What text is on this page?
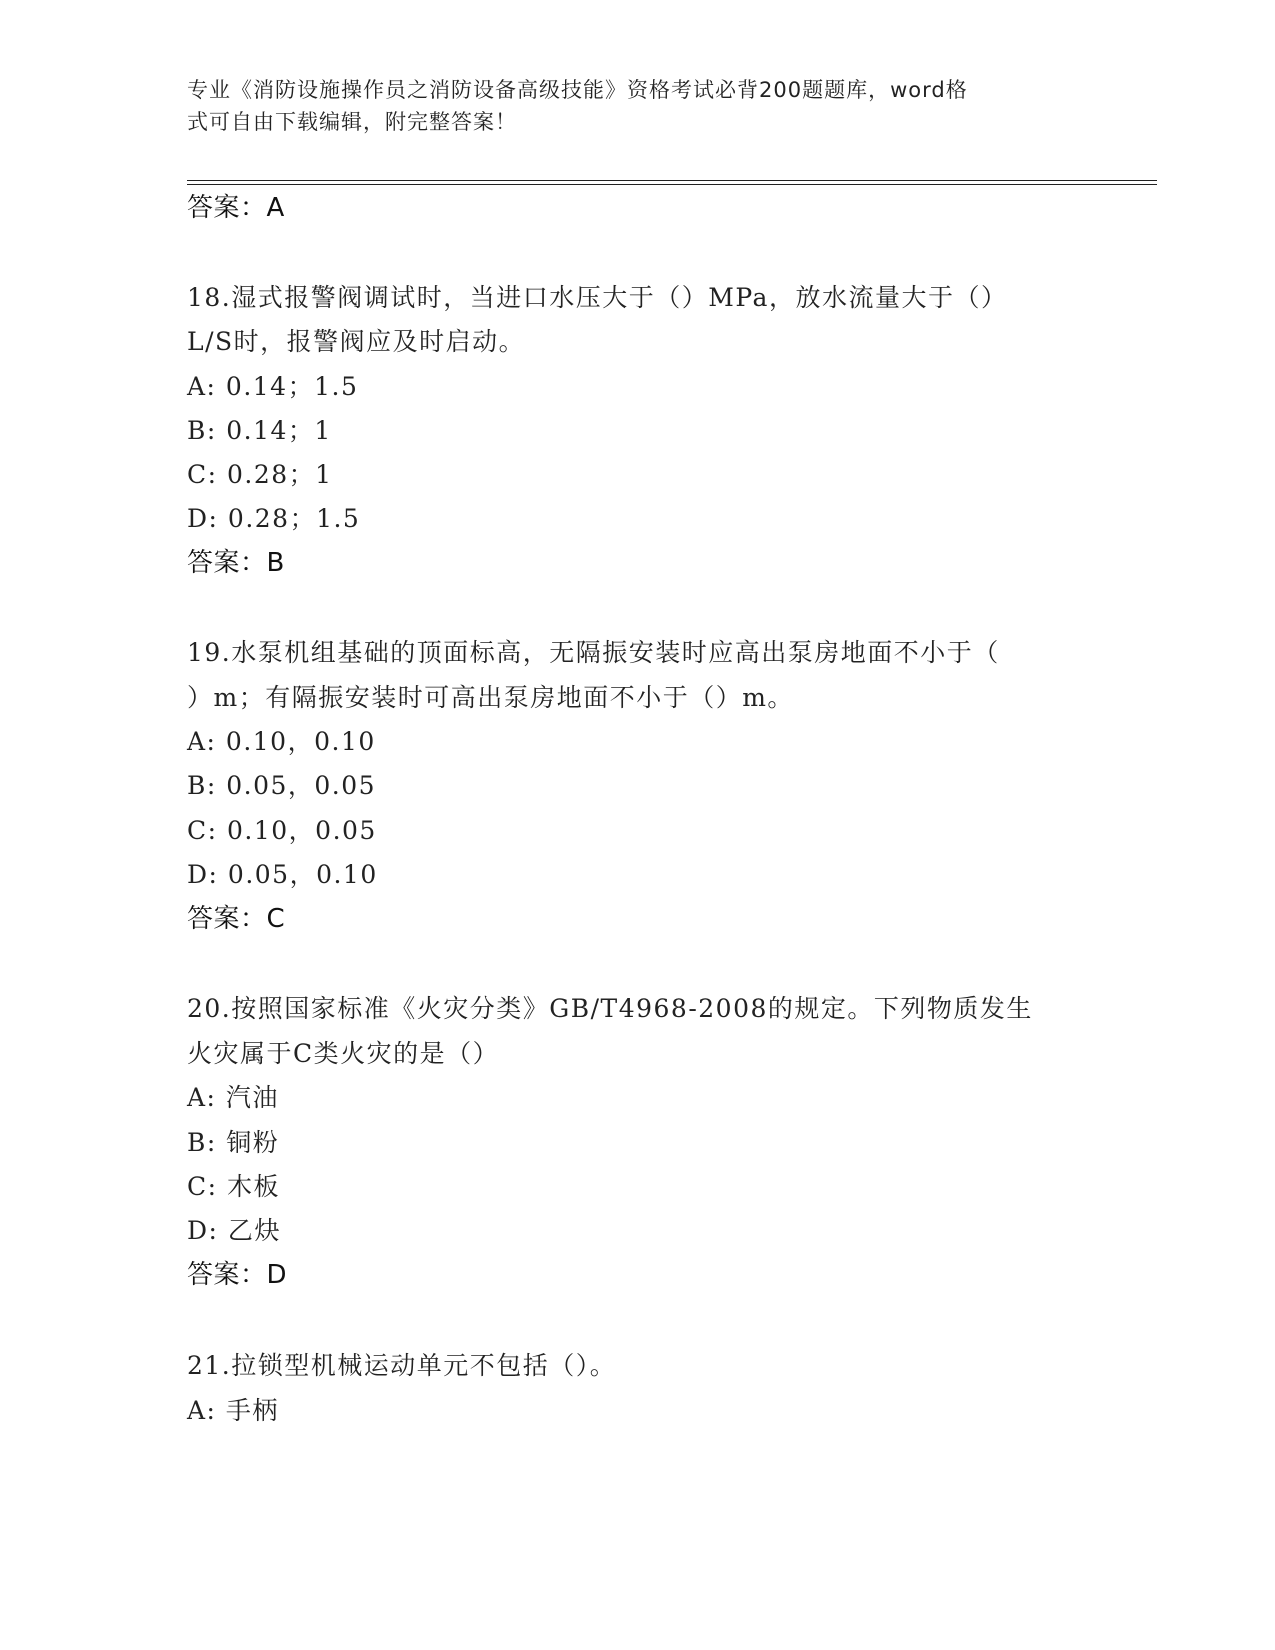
专业《消防设施操作员之消防设备高级技能》资格考试必背200题题库，word格
式可自由下载编辑，附完整答案！
答案：A
18.湿式报警阀调试时，当进口水压大于（）MPa，放水流量大于（）
L/S时，报警阀应及时启动。
A: 0.14；1.5
B: 0.14；1
C: 0.28；1
D: 0.28；1.5
答案：B
19.水泵机组基础的顶面标高，无隔振安装时应高出泵房地面不小于（
）m；有隔振安装时可高出泵房地面不小于（）m。
A: 0.10，0.10
B: 0.05，0.05
C: 0.10，0.05
D: 0.05，0.10
答案：C
20.按照国家标准《火灾分类》GB/T4968-2008的规定。下列物质发生
火灾属于C类火灾的是（）
A: 汽油
B: 铜粉
C: 木板
D: 乙炔
答案：D
21.拉锁型机械运动单元不包括（）。
A: 手柄
